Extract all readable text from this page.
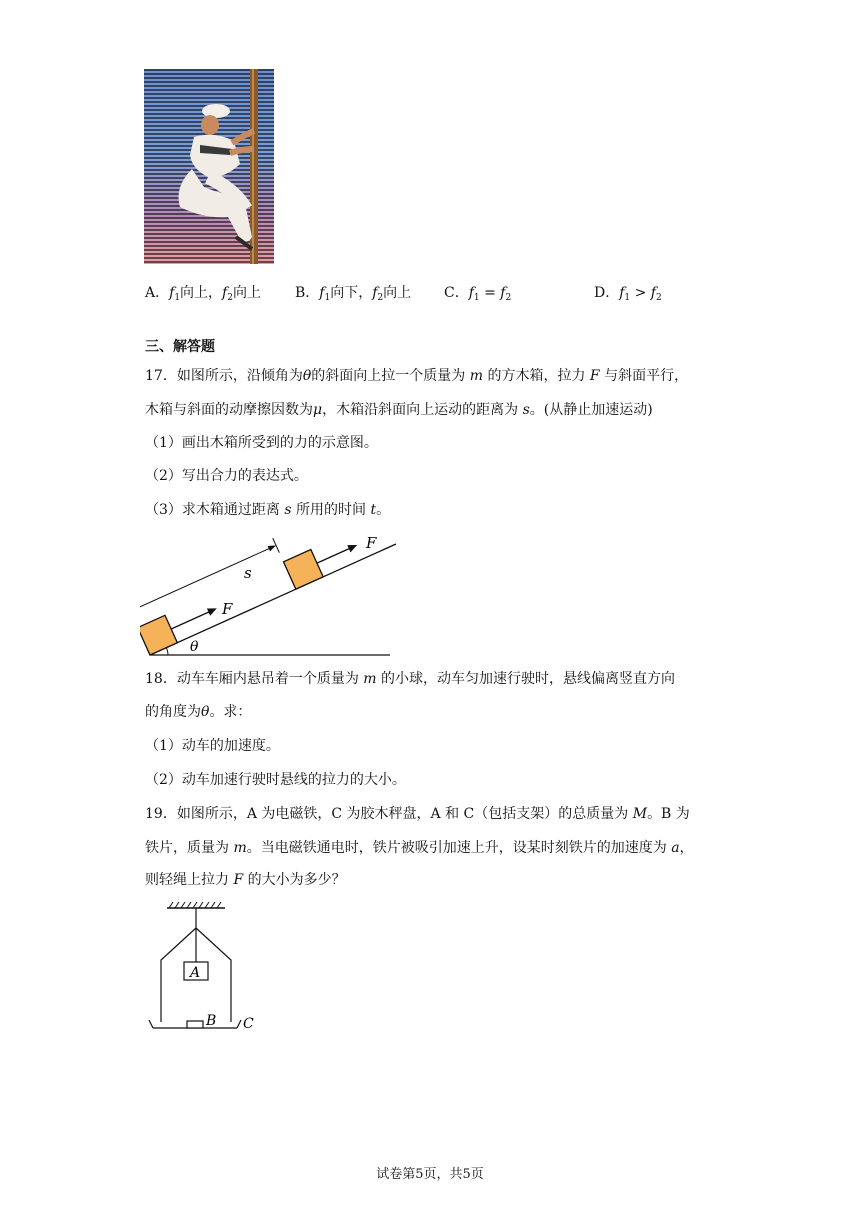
A．$f_1$向上，$f_2$向上 B．$f_1$向下，$f_2$向上 C．$f_1 = f_2$	D．$f_1 > f_2$
三、解答题
17．如图所示，沿倾角为θ的斜面向上拉一个质量为 m 的方木箱，拉力 F 与斜面平行，
木箱与斜面的动摩擦因数为μ，木箱沿斜面向上运动的距离为 s。(从静止加速运动)
（1）画出木箱所受到的力的示意图。
（2）写出合力的表达式。
（3）求木箱通过距离 s 所用的时间 t。
s
F
F
θ
18．动车车厢内悬吊着一个质量为 m 的小球，动车匀加速行驶时，悬线偏离竖直方向
的角度为θ。求：
（1）动车的加速度。
（2）动车加速行驶时悬线的拉力的大小。
19．如图所示，A 为电磁铁，C 为胶木秤盘，A 和 C（包括支架）的总质量为 M。B 为
铁片，质量为 m。当电磁铁通电时，铁片被吸引加速上升，设某时刻铁片的加速度为 a，
则轻绳上拉力 F 的大小为多少？
A
B C
试卷第5页，共5页
